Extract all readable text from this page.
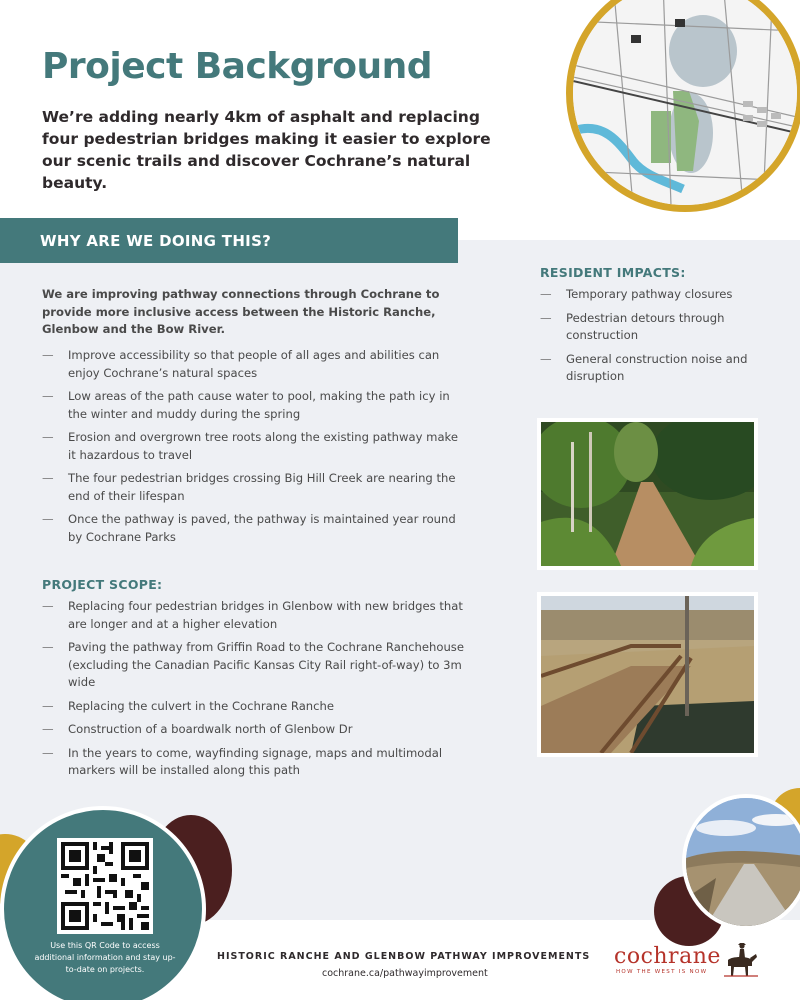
Project Background

We’re adding nearly 4km of asphalt and replacing four pedestrian bridges making it easier to explore our scenic trails and discover Cochrane’s natural beauty.

WHY ARE WE DOING THIS?

We are improving pathway connections through Cochrane to provide more inclusive access between the Historic Ranche, Glenbow and the Bow River.

— Improve accessibility so that people of all ages and abilities can enjoy Cochrane’s natural spaces
— Low areas of the path cause water to pool, making the path icy in the winter and muddy during the spring
— Erosion and overgrown tree roots along the existing pathway make it hazardous to travel
— The four pedestrian bridges crossing Big Hill Creek are nearing the end of their lifespan
— Once the pathway is paved, the pathway is maintained year round by Cochrane Parks
PROJECT SCOPE:
— Replacing four pedestrian bridges in Glenbow with new bridges that are longer and at a higher elevation
— Paving the pathway from Griffin Road to the Cochrane Ranchehouse (excluding the Canadian Pacific Kansas City Rail right-of-way) to 3m wide
— Replacing the culvert in the Cochrane Ranche
— Construction of a boardwalk north of Glenbow Dr
— In the years to come, wayfinding signage, maps and multimodal markers will be installed along this path
RESIDENT IMPACTS:
— Temporary pathway closures
— Pedestrian detours through construction
— General construction noise and disruption

Use this QR Code to access additional information and stay up-to-date on projects.

HISTORIC RANCHE AND GLENBOW PATHWAY IMPROVEMENTS
cochrane.ca/pathwayimprovement
cochrane
HOW THE WEST IS NOW
